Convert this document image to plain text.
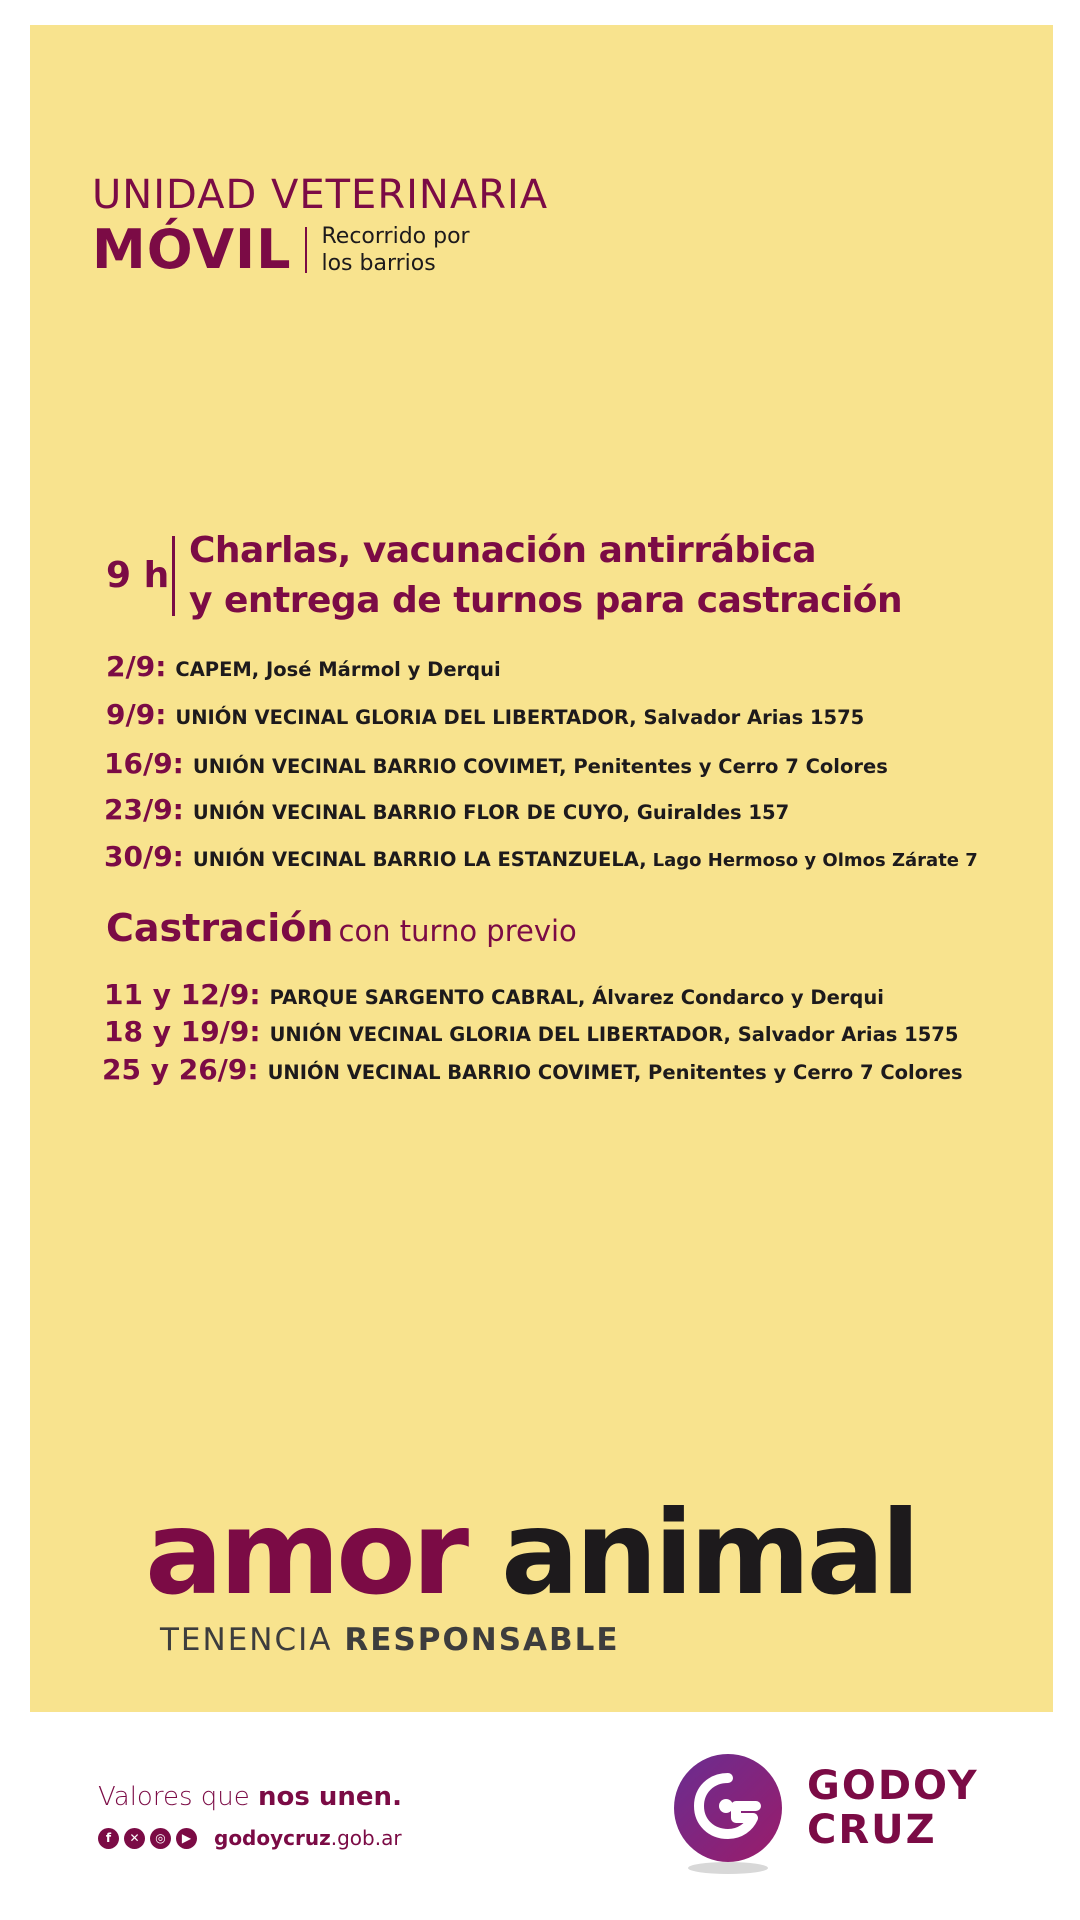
UNIDAD VETERINARIA
MÓVIL Recorrido por
los barrios
9 h
Charlas, vacunación antirrábica
y entrega de turnos para castración
2/9: CAPEM, José Mármol y Derqui
9/9: UNIÓN VECINAL GLORIA DEL LIBERTADOR, Salvador Arias 1575
16/9: UNIÓN VECINAL BARRIO COVIMET, Penitentes y Cerro 7 Colores
23/9: UNIÓN VECINAL BARRIO FLOR DE CUYO, Guiraldes 157
30/9: UNIÓN VECINAL BARRIO LA ESTANZUELA, Lago Hermoso y Olmos Zárate 7
Castración con turno previo
11 y 12/9: PARQUE SARGENTO CABRAL, Álvarez Condarco y Derqui
18 y 19/9: UNIÓN VECINAL GLORIA DEL LIBERTADOR, Salvador Arias 1575
25 y 26/9: UNIÓN VECINAL BARRIO COVIMET, Penitentes y Cerro 7 Colores
amor animal
TENENCIA RESPONSABLE
Valores que nos unen.
f	✕	◎	▶ godoycruz.gob.ar
GODOY
CRUZ
